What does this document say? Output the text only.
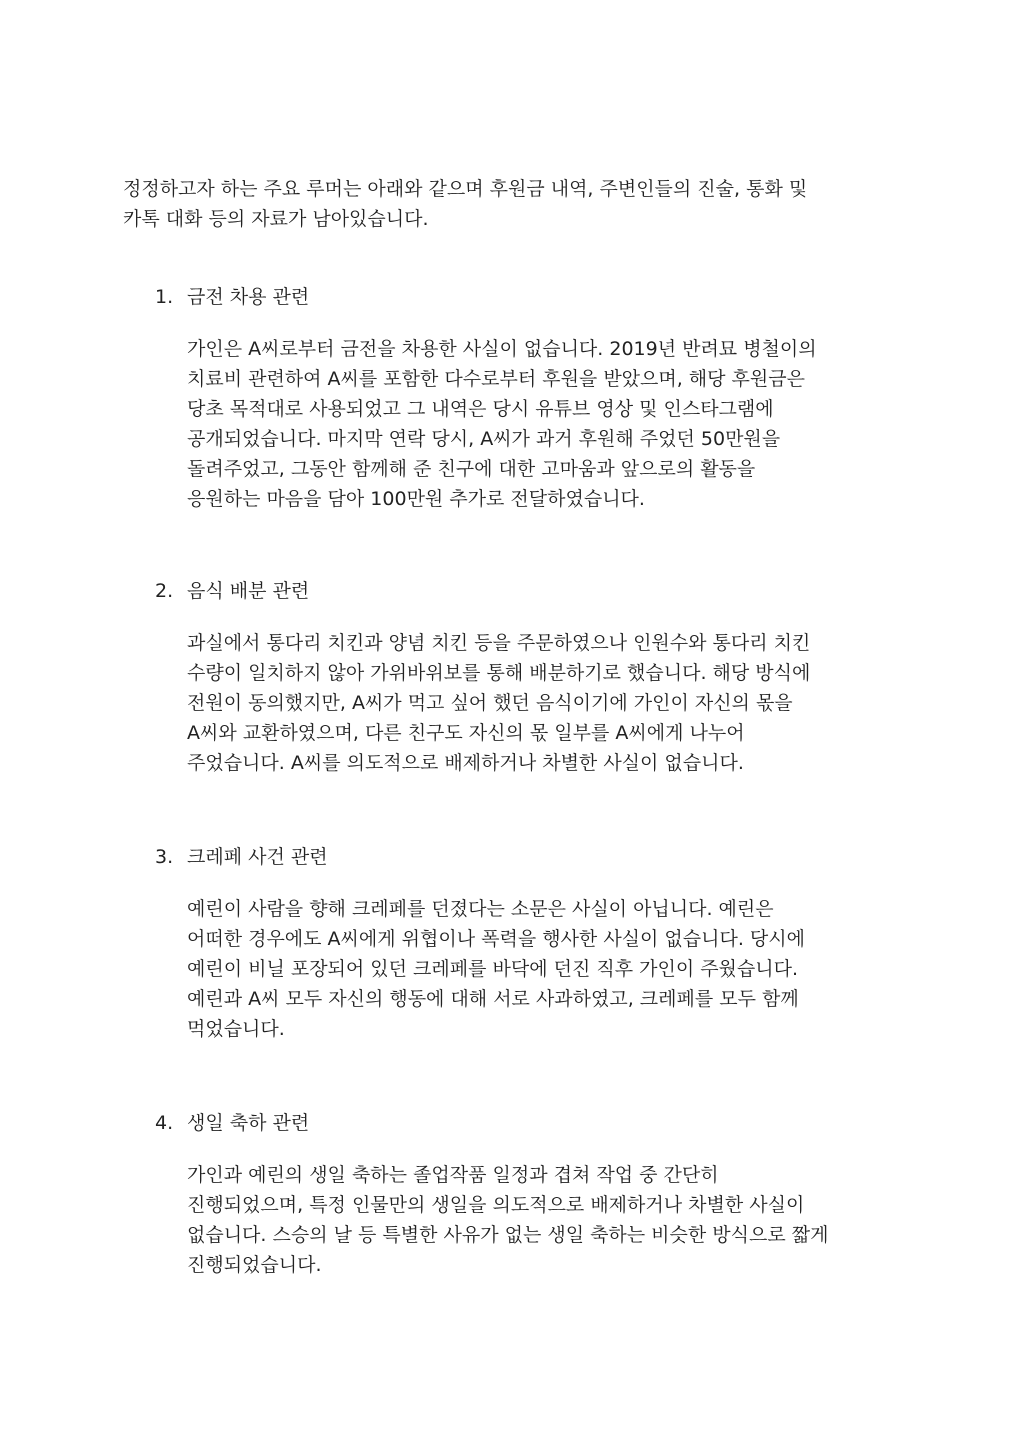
정정하고자 하는 주요 루머는 아래와 같으며 후원금 내역, 주변인들의 진술, 통화 및
카톡 대화 등의 자료가 남아있습니다.

1. 금전 차용 관련

가인은 A씨로부터 금전을 차용한 사실이 없습니다. 2019년 반려묘 병철이의
치료비 관련하여 A씨를 포함한 다수로부터 후원을 받았으며, 해당 후원금은
당초 목적대로 사용되었고 그 내역은 당시 유튜브 영상 및 인스타그램에
공개되었습니다. 마지막 연락 당시, A씨가 과거 후원해 주었던 50만원을
돌려주었고, 그동안 함께해 준 친구에 대한 고마움과 앞으로의 활동을
응원하는 마음을 담아 100만원 추가로 전달하였습니다.

2. 음식 배분 관련

과실에서 통다리 치킨과 양념 치킨 등을 주문하였으나 인원수와 통다리 치킨
수량이 일치하지 않아 가위바위보를 통해 배분하기로 했습니다. 해당 방식에
전원이 동의했지만, A씨가 먹고 싶어 했던 음식이기에 가인이 자신의 몫을
A씨와 교환하였으며, 다른 친구도 자신의 몫 일부를 A씨에게 나누어
주었습니다. A씨를 의도적으로 배제하거나 차별한 사실이 없습니다.

3. 크레페 사건 관련

예린이 사람을 향해 크레페를 던졌다는 소문은 사실이 아닙니다. 예린은
어떠한 경우에도 A씨에게 위협이나 폭력을 행사한 사실이 없습니다. 당시에
예린이 비닐 포장되어 있던 크레페를 바닥에 던진 직후 가인이 주웠습니다.
예린과 A씨 모두 자신의 행동에 대해 서로 사과하였고, 크레페를 모두 함께
먹었습니다.

4. 생일 축하 관련

가인과 예린의 생일 축하는 졸업작품 일정과 겹쳐 작업 중 간단히
진행되었으며, 특정 인물만의 생일을 의도적으로 배제하거나 차별한 사실이
없습니다. 스승의 날 등 특별한 사유가 없는 생일 축하는 비슷한 방식으로 짧게
진행되었습니다.
